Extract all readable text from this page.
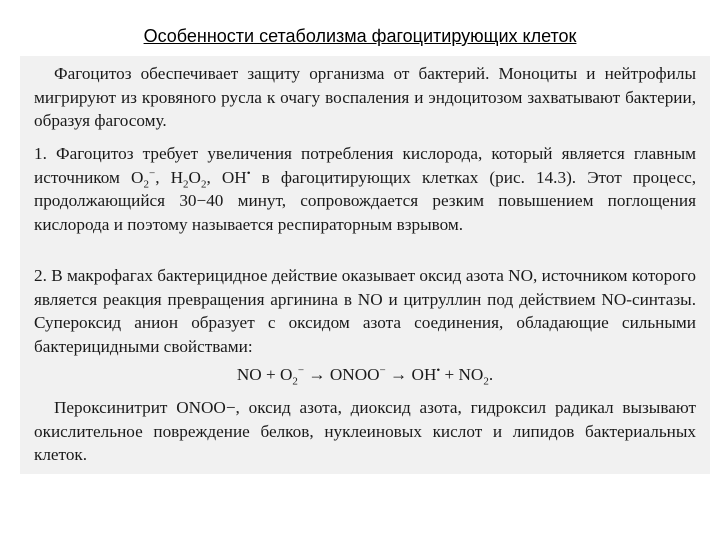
Особенности сетаболизма фагоцитирующих клеток

Фагоцитоз обеспечивает защиту организма от бактерий. Моноциты и нейтрофилы мигрируют из кровяного русла к очагу воспаления и эндоцитозом захватывают бактерии, образуя фагосому.

1. Фагоцитоз требует увеличения потребления кислорода, который является главным источником $O_2^-$, $H_2O_2$, OH• в фагоцитирующих клетках (рис. 14.3). Этот процесс, продолжающийся 30−40 минут, сопровождается резким повышением поглощения кислорода и поэтому называется респираторным взрывом.

2. В макрофагах бактерицидное действие оказывает оксид азота NO, источником которого является реакция превращения аргинина в NO и цитруллин под действием NO-синтазы. Супероксид анион образует с оксидом азота соединения, обладающие сильными бактерицидными свойствами:

NO + $O_2^-$ → ONOO− → $OH^• + NO_2$.

Пероксинитрит ONOO−, оксид азота, диоксид азота, гидроксил радикал вызывают окислительное повреждение белков, нуклеиновых кислот и липидов бактериальных клеток.
